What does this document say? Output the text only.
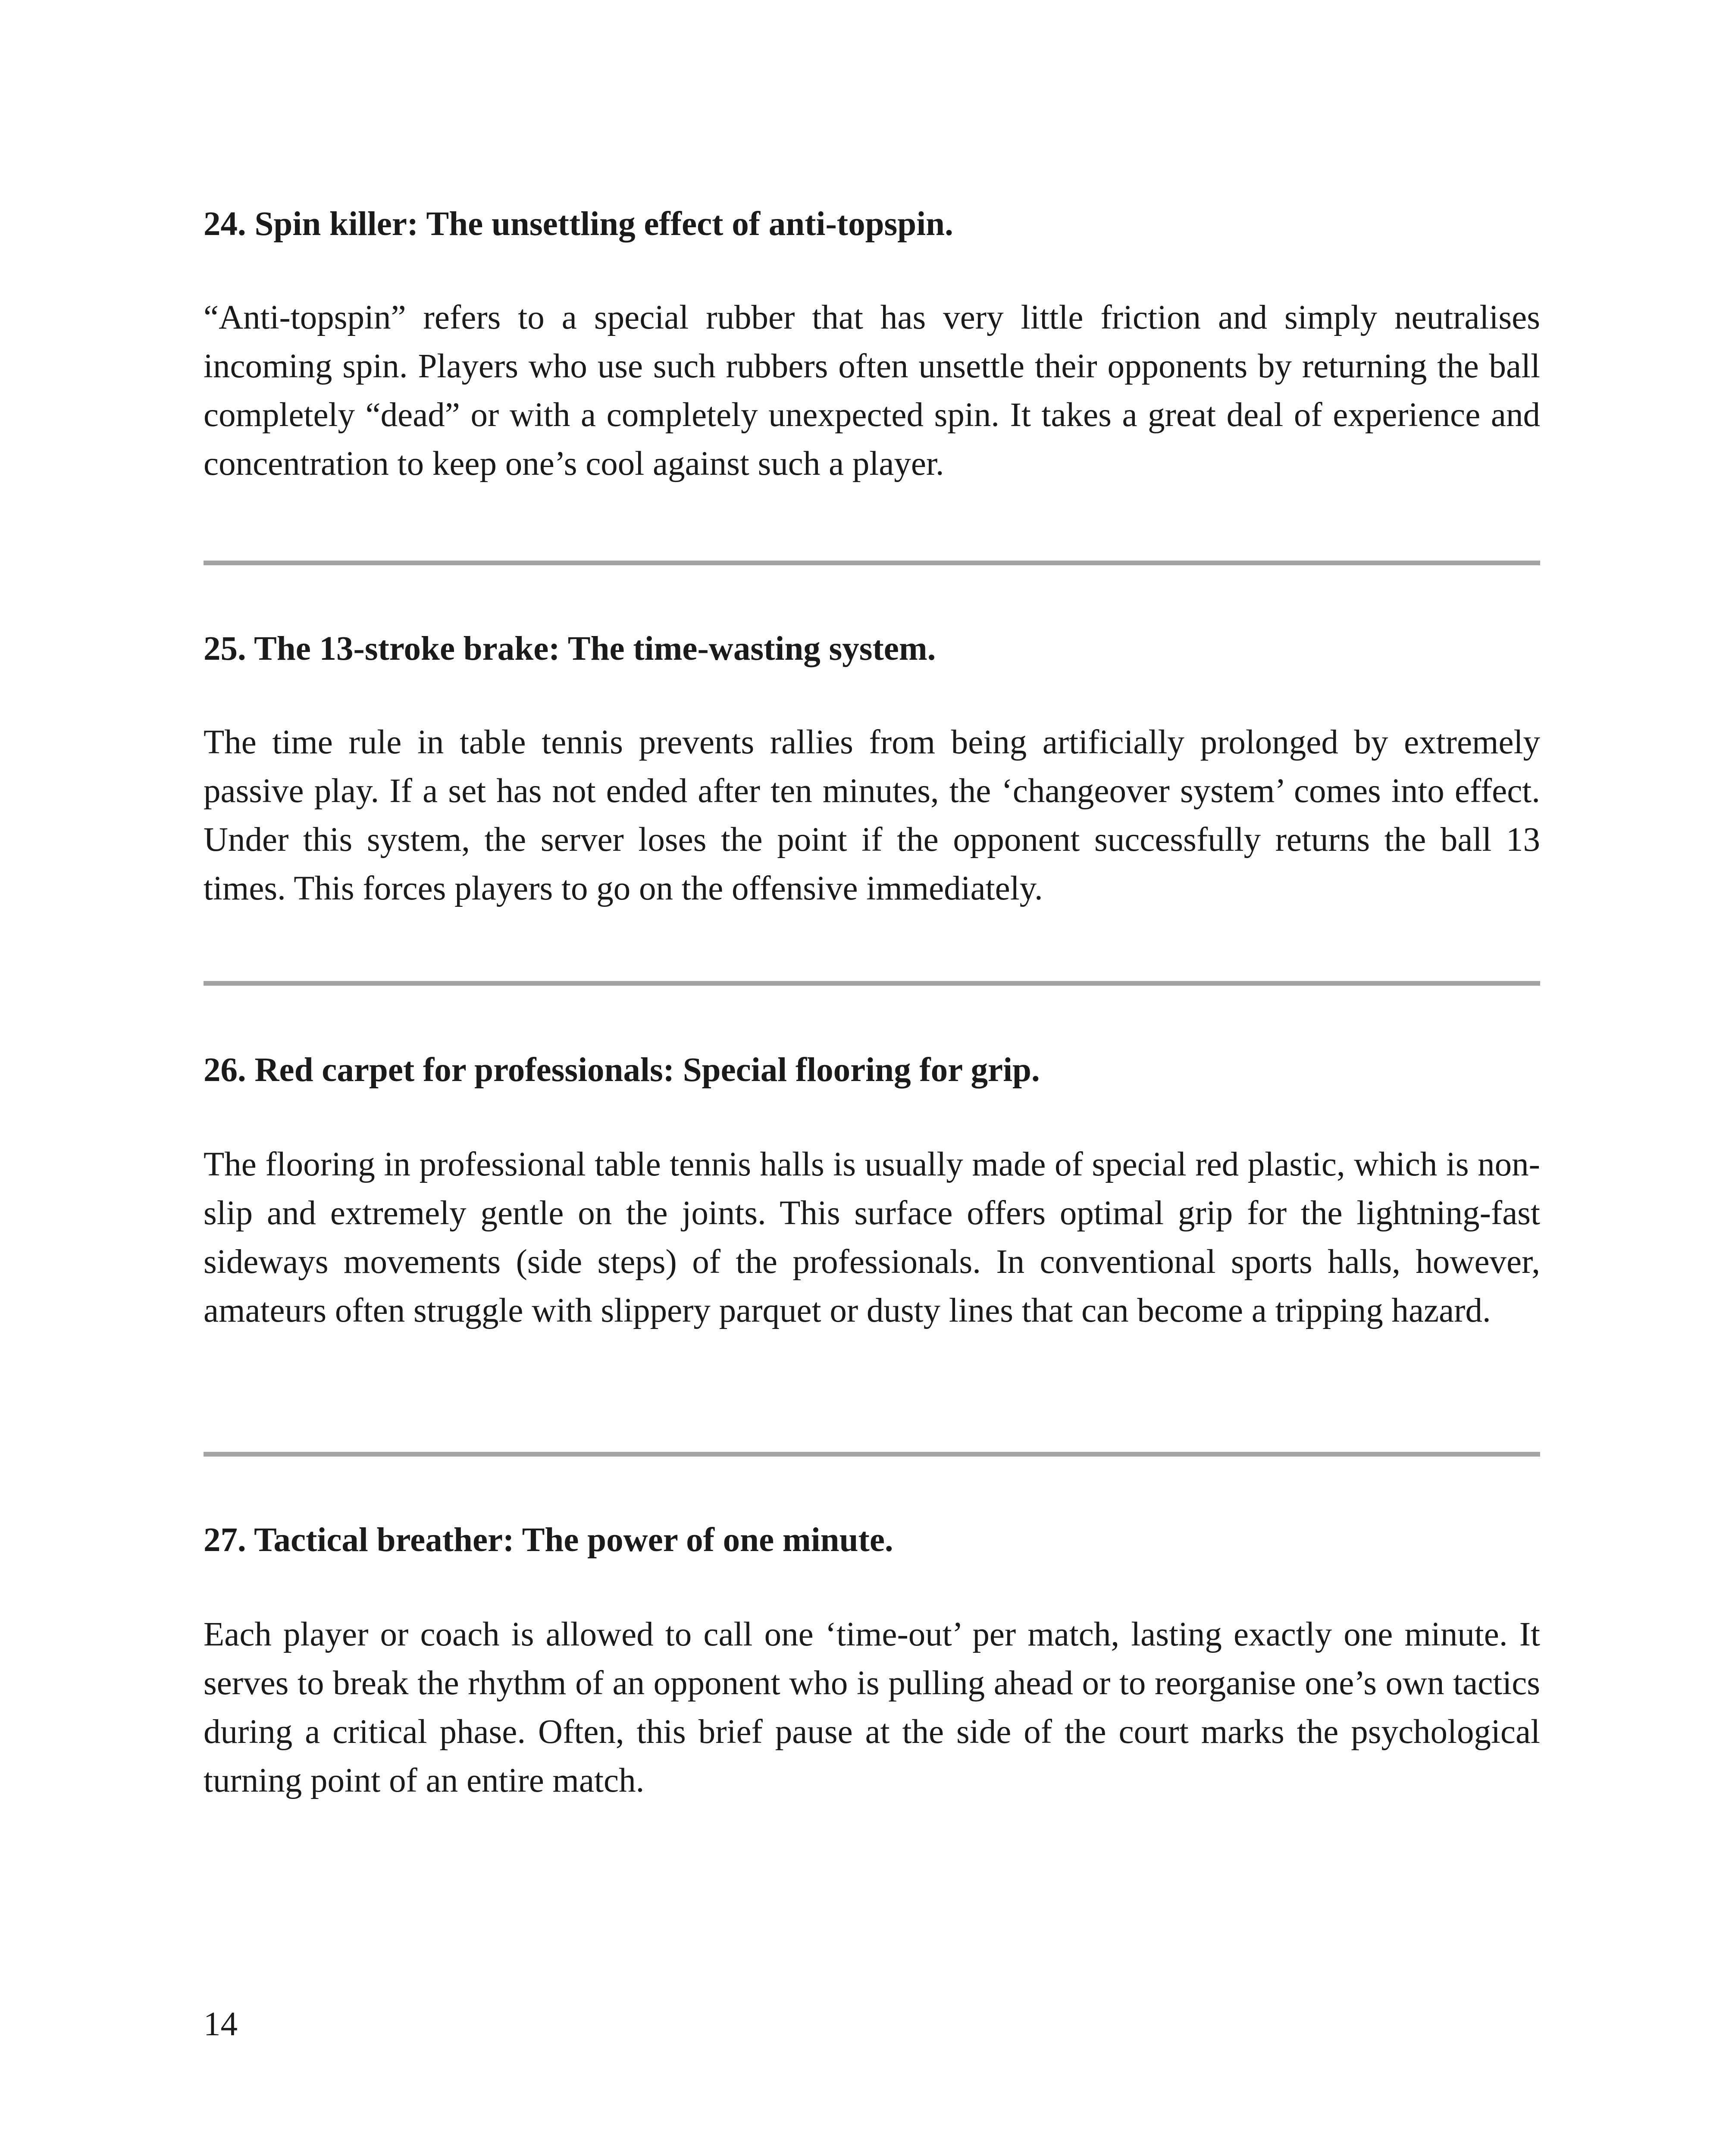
24. Spin killer: The unsettling effect of anti-topspin.

“Anti-topspin” refers to a special rubber that has very little friction and simply neutralises incoming spin. Players who use such rubbers often unsettle their opponents by returning the ball completely “dead” or with a completely unexpected spin. It takes a great deal of experience and concentration to keep one’s cool against such a player.

25. The 13-stroke brake: The time-wasting system.

The time rule in table tennis prevents rallies from being artificially prolonged by extremely passive play. If a set has not ended after ten minutes, the ‘changeover system’ comes into effect. Under this system, the server loses the point if the opponent successfully returns the ball 13 times. This forces players to go on the offensive immediately.

26. Red carpet for professionals: Special flooring for grip.

The flooring in professional table tennis halls is usually made of special red plastic, which is non-slip and extremely gentle on the joints. This surface offers optimal grip for the lightning-fast sideways movements (side steps) of the professionals. In conventional sports halls, however, amateurs often struggle with slippery parquet or dusty lines that can become a tripping hazard.

27. Tactical breather: The power of one minute.

Each player or coach is allowed to call one ‘time-out’ per match, lasting exactly one minute. It serves to break the rhythm of an opponent who is pulling ahead or to reorganise one’s own tactics during a critical phase. Often, this brief pause at the side of the court marks the psychological turning point of an entire match.

14
